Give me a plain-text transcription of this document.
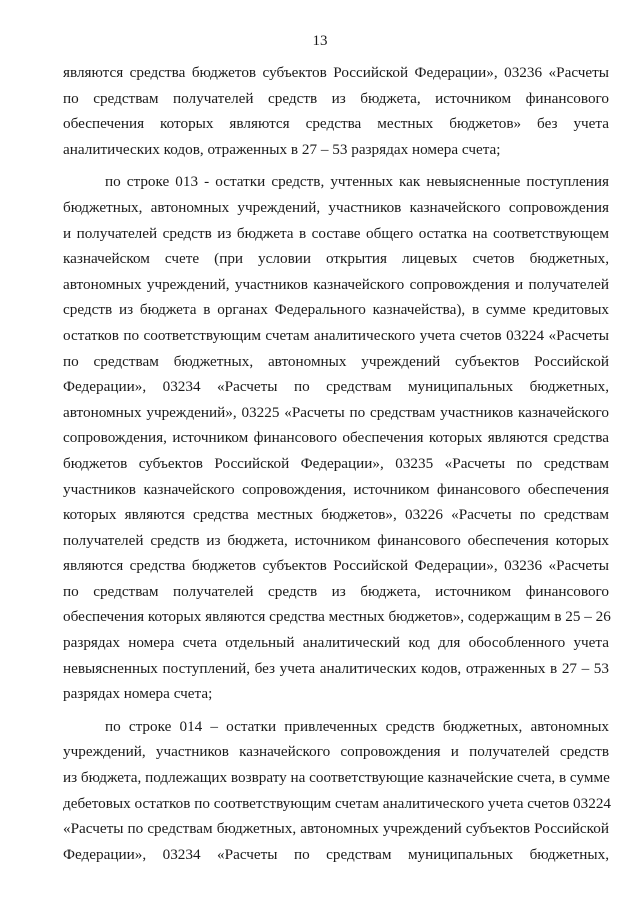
13
являются средства бюджетов субъектов Российской Федерации», 03236 «Расчеты
по средствам получателей средств из бюджета, источником финансового
обеспечения которых являются средства местных бюджетов» без учета
аналитических кодов, отраженных в 27 – 53 разрядах номера счета;
по строке 013 - остатки средств, учтенных как невыясненные поступления
бюджетных, автономных учреждений, участников казначейского сопровождения
и получателей средств из бюджета в составе общего остатка на соответствующем
казначейском счете (при условии открытия лицевых счетов бюджетных,
автономных учреждений, участников казначейского сопровождения и получателей
средств из бюджета в органах Федерального казначейства), в сумме кредитовых
остатков по соответствующим счетам аналитического учета счетов 03224 «Расчеты
по средствам бюджетных, автономных учреждений субъектов Российской
Федерации», 03234 «Расчеты по средствам муниципальных бюджетных,
автономных учреждений», 03225 «Расчеты по средствам участников казначейского
сопровождения, источником финансового обеспечения которых являются средства
бюджетов субъектов Российской Федерации», 03235 «Расчеты по средствам
участников казначейского сопровождения, источником финансового обеспечения
которых являются средства местных бюджетов», 03226 «Расчеты по средствам
получателей средств из бюджета, источником финансового обеспечения которых
являются средства бюджетов субъектов Российской Федерации», 03236 «Расчеты
по средствам получателей средств из бюджета, источником финансового
обеспечения которых являются средства местных бюджетов», содержащим в 25 – 26
разрядах номера счета отдельный аналитический код для обособленного учета
невыясненных поступлений, без учета аналитических кодов, отраженных в 27 – 53
разрядах номера счета;
по строке 014 – остатки привлеченных средств бюджетных, автономных
учреждений, участников казначейского сопровождения и получателей средств
из бюджета, подлежащих возврату на соответствующие казначейские счета, в сумме
дебетовых остатков по соответствующим счетам аналитического учета счетов 03224
«Расчеты по средствам бюджетных, автономных учреждений субъектов Российской
Федерации», 03234 «Расчеты по средствам муниципальных бюджетных,
